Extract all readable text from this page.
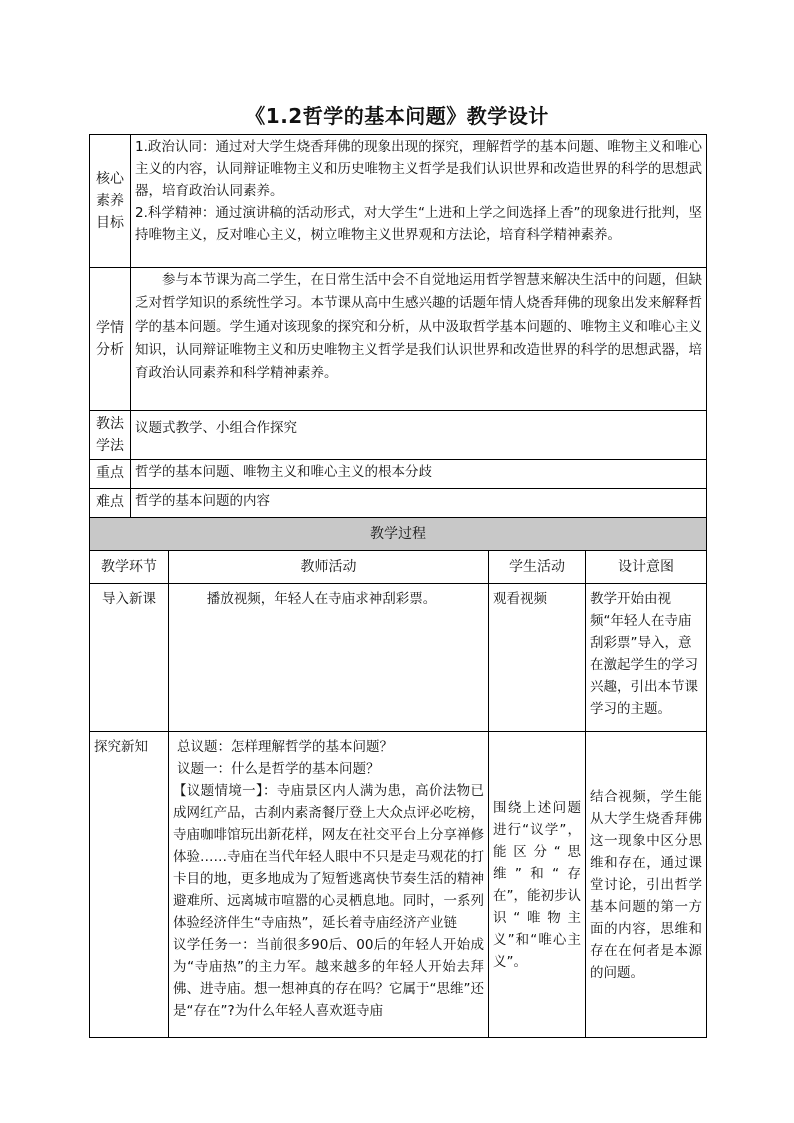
《1.2哲学的基本问题》教学设计
核心素养目标	1.政治认同：通过对大学生烧香拜佛的现象出现的探究，理解哲学的基本问题、唯物主义和唯心主义的内容，认同辩证唯物主义和历史唯物主义哲学是我们认识世界和改造世界的科学的思想武器，培育政治认同素养。

2.科学精神：通过演讲稿的活动形式，对大学生“上进和上学之间选择上香”的现象进行批判，坚持唯物主义，反对唯心主义，树立唯物主义世界观和方法论，培育科学精神素养。			

学情分析	参与本节课为高二学生，在日常生活中会不自觉地运用哲学智慧来解决生活中的问题，但缺乏对哲学知识的系统性学习。本节课从高中生感兴趣的话题年情人烧香拜佛的现象出发来解释哲学的基本问题。学生通对该现象的探究和分析，从中汲取哲学基本问题的、唯物主义和唯心主义知识，认同辩证唯物主义和历史唯物主义哲学是我们认识世界和改造世界的科学的思想武器，培育政治认同素养和科学精神素养。			

教法学法	议题式教学、小组合作探究			
重点	哲学的基本问题、唯物主义和唯心主义的根本分歧			
难点	哲学的基本问题的内容			
教学过程				
教学环节		教师活动	学生活动	设计意图
导入新课		播放视频，年轻人在寺庙求神刮彩票。	观看视频	教学开始由视频“年轻人在寺庙刮彩票”导入，意在激起学生的学习兴趣，引出本节课学习的主题。
探究新知		总议题：怎样理解哲学的基本问题？

议题一：什么是哲学的基本问题？

【议题情境一】：寺庙景区内人满为患，高价法物已成网红产品，古刹内素斋餐厅登上大众点评必吃榜，寺庙咖啡馆玩出新花样，网友在社交平台上分享禅修体验……寺庙在当代年轻人眼中不只是走马观花的打卡目的地，更多地成为了短暂逃离快节奏生活的精神避难所、远离城市喧嚣的心灵栖息地。同时，一系列体验经济伴生“寺庙热”，延长着寺庙经济产业链

议学任务一：当前很多90后、00后的年轻人开始成为“寺庙热”的主力军。越来越多的年轻人开始去拜佛、进寺庙。想一想神真的存在吗？它属于“思维”还是“存在”?为什么年轻人喜欢逛寺庙	围绕上述问题进行“议学”，能区分“思维”和“存在”，能初步认识“唯物主义”和“唯心主义”。	结合视频，学生能从大学生烧香拜佛这一现象中区分思维和存在，通过课堂讨论，引出哲学基本问题的第一方面的内容，思维和存在在何者是本源的问题。
